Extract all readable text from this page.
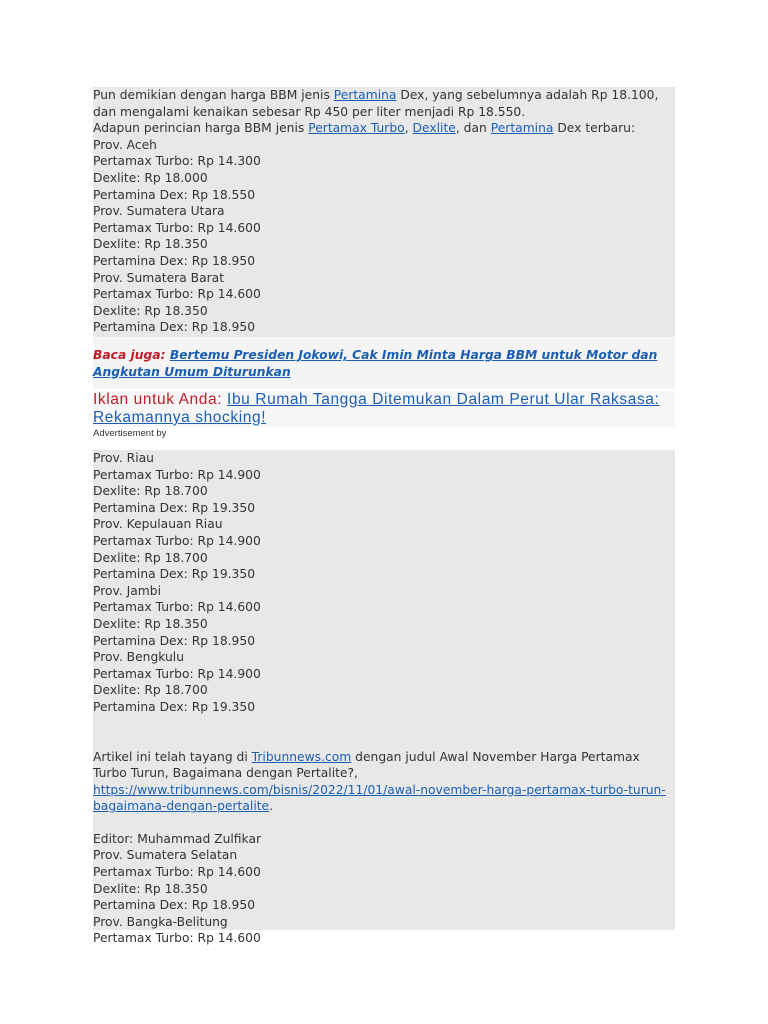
Pun demikian dengan harga BBM jenis Pertamina Dex, yang sebelumnya adalah Rp 18.100, dan mengalami kenaikan sebesar Rp 450 per liter menjadi Rp 18.550.
Adapun perincian harga BBM jenis Pertamax Turbo, Dexlite, dan Pertamina Dex terbaru:
Prov. Aceh
Pertamax Turbo: Rp 14.300
Dexlite: Rp 18.000
Pertamina Dex: Rp 18.550
Prov. Sumatera Utara
Pertamax Turbo: Rp 14.600
Dexlite: Rp 18.350
Pertamina Dex: Rp 18.950
Prov. Sumatera Barat
Pertamax Turbo: Rp 14.600
Dexlite: Rp 18.350
Pertamina Dex: Rp 18.950
Baca juga: Bertemu Presiden Jokowi, Cak Imin Minta Harga BBM untuk Motor dan Angkutan Umum Diturunkan
Iklan untuk Anda: Ibu Rumah Tangga Ditemukan Dalam Perut Ular Raksasa: Rekamannya shocking!
Advertisement by
Prov. Riau
Pertamax Turbo: Rp 14.900
Dexlite: Rp 18.700
Pertamina Dex: Rp 19.350
Prov. Kepulauan Riau
Pertamax Turbo: Rp 14.900
Dexlite: Rp 18.700
Pertamina Dex: Rp 19.350
Prov. Jambi
Pertamax Turbo: Rp 14.600
Dexlite: Rp 18.350
Pertamina Dex: Rp 18.950
Prov. Bengkulu
Pertamax Turbo: Rp 14.900
Dexlite: Rp 18.700
Pertamina Dex: Rp 19.350
Artikel ini telah tayang di Tribunnews.com dengan judul Awal November Harga Pertamax Turbo Turun, Bagaimana dengan Pertalite?, https://www.tribunnews.com/bisnis/2022/11/01/awal-november-harga-pertamax-turbo-turun-bagaimana-dengan-pertalite.
Editor: Muhammad Zulfikar
Prov. Sumatera Selatan
Pertamax Turbo: Rp 14.600
Dexlite: Rp 18.350
Pertamina Dex: Rp 18.950
Prov. Bangka-Belitung
Pertamax Turbo: Rp 14.600
